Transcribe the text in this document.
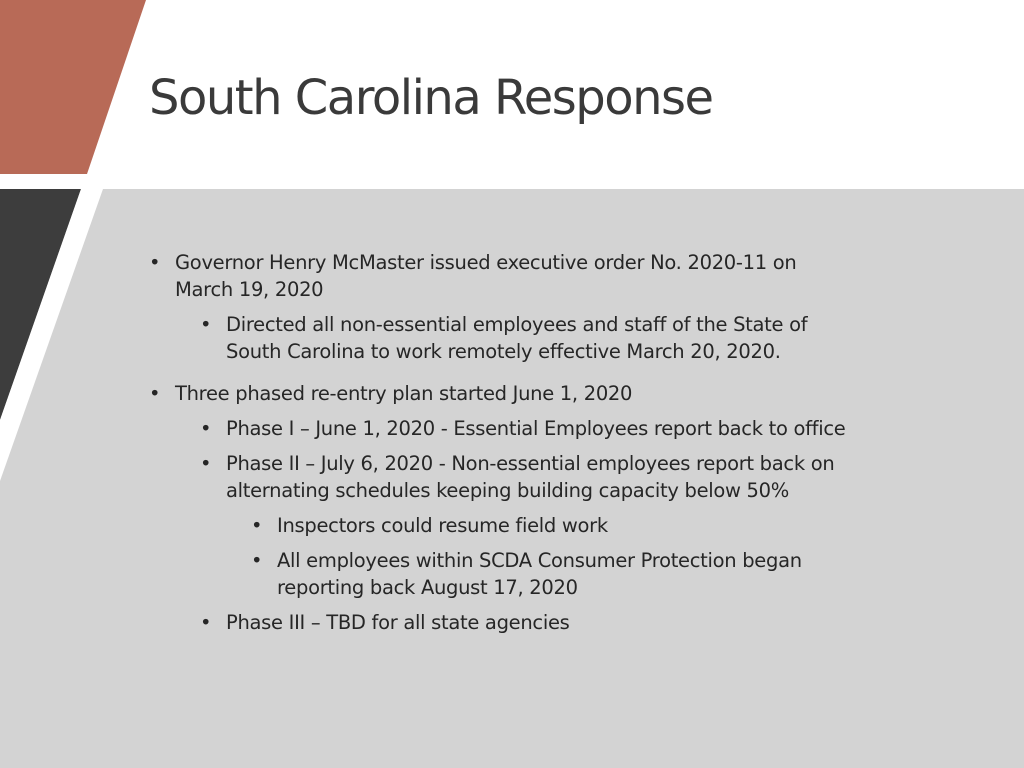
South Carolina Response

• Governor Henry McMaster issued executive order No. 2020-11 on
March 19, 2020

• Directed all non-essential employees and staff of the State of
South Carolina to work remotely effective March 20, 2020.

• Three phased re-entry plan started June 1, 2020

• Phase I – June 1, 2020 - Essential Employees report back to office

• Phase II – July 6, 2020 - Non-essential employees report back on
alternating schedules keeping building capacity below 50%

• Inspectors could resume field work

• All employees within SCDA Consumer Protection began
reporting back August 17, 2020

• Phase III – TBD for all state agencies
